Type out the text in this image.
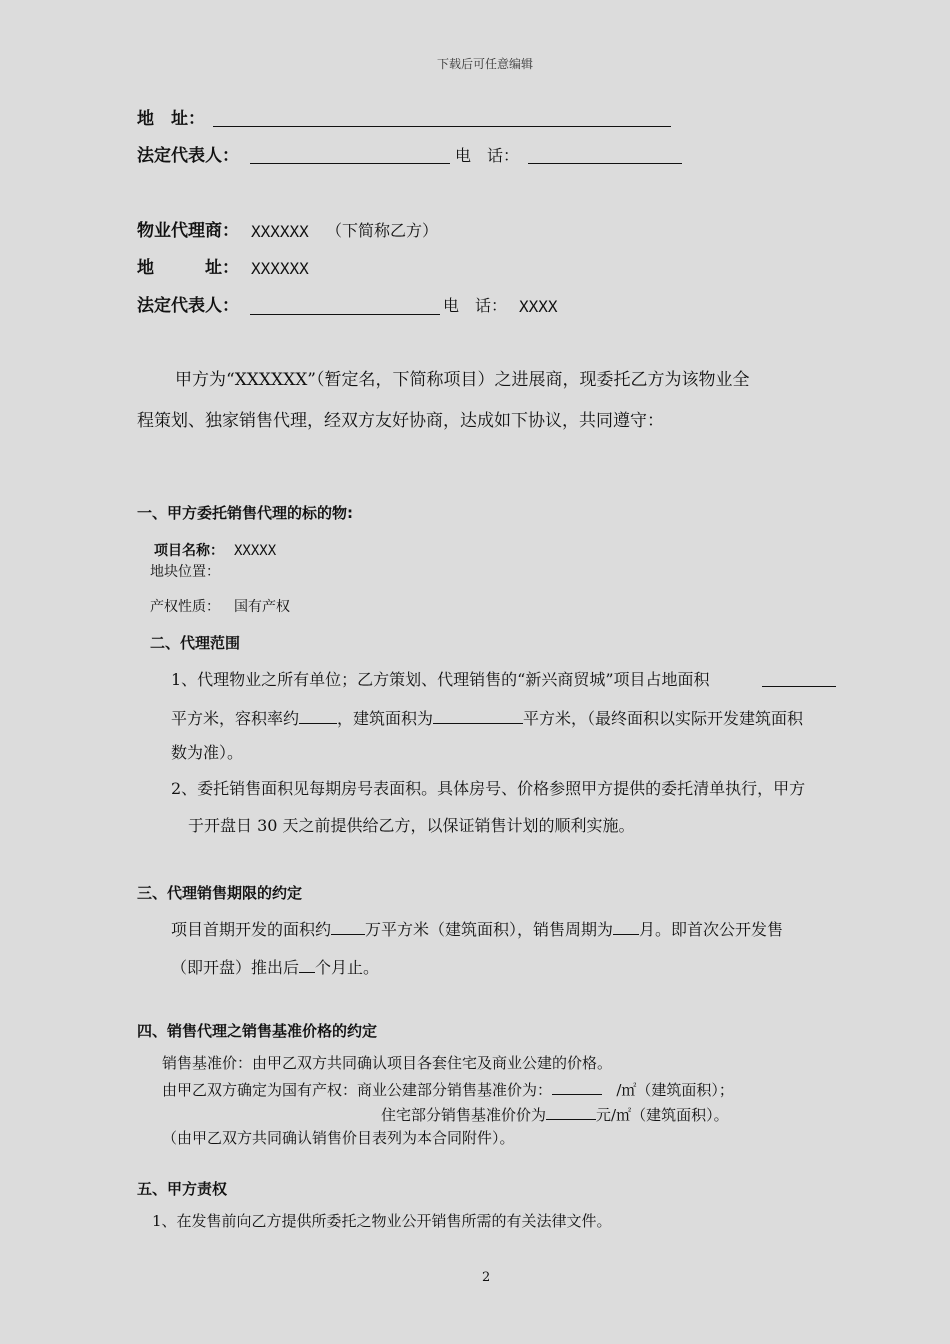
下载后可任意编辑
地　址：
法定代表人：	电　话：
物业代理商： XXXXXX （下简称乙方）
地　　　址： XXXXXX
法定代表人：	电　话： XXXX
甲方为“XXXXXX”（暂定名，下简称项目）之进展商，现委托乙方为该物业全
程策划、独家销售代理，经双方友好协商，达成如下协议，共同遵守：
一、甲方委托销售代理的标的物:
项目名称： XXXXX
地块位置：
产权性质： 国有产权
二、代理范围
1、代理物业之所有单位；乙方策划、代理销售的“新兴商贸城”项目占地面积
平方米，容积率约 ，建筑面积为	平方米，（最终面积以实际开发建筑面积
数为准）。
2、委托销售面积见每期房号表面积。具体房号、价格参照甲方提供的委托清单执行，甲方
于开盘日 30 天之前提供给乙方，以保证销售计划的顺利实施。
三、代理销售期限的约定
项目首期开发的面积约 万平方米（建筑面积），销售周期为 月。即首次公开发售
（即开盘）推出后 个月止。
四、销售代理之销售基准价格的约定
销售基准价：由甲乙双方共同确认项目各套住宅及商业公建的价格。
由甲乙双方确定为国有产权：商业公建部分销售基准价为：	/㎡（建筑面积）；
住宅部分销售基准价价为	元/㎡（建筑面积）。
（由甲乙双方共同确认销售价目表列为本合同附件）。
五、甲方责权
1、在发售前向乙方提供所委托之物业公开销售所需的有关法律文件。
2
